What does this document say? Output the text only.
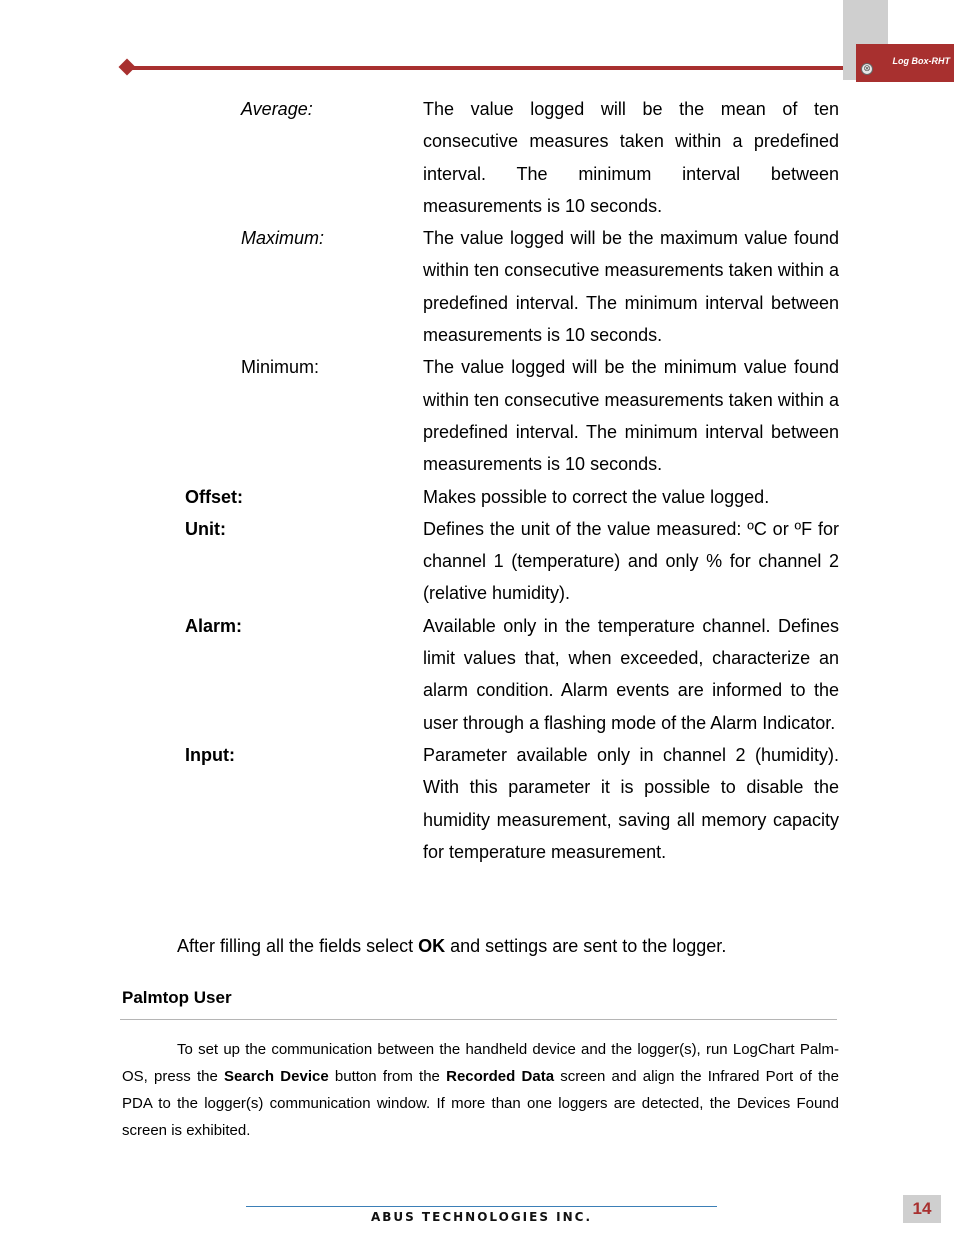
Log Box-RHT
⊗
Average:	The value logged will be the mean of ten consecutive measures taken within a predefined interval. The minimum interval between measurements is 10 seconds.
Maximum:	The value logged will be the maximum value found within ten consecutive measurements taken within a predefined interval. The minimum interval between measurements is 10 seconds.
Minimum:	The value logged will be the minimum value found within ten consecutive measurements taken within a predefined interval. The minimum interval between measurements is 10 seconds.
Offset:	Makes possible to correct the value logged.
Unit:	Defines the unit of the value measured: ºC or ºF for channel 1 (temperature) and only % for channel 2 (relative humidity).
Alarm:	Available only in the temperature channel. Defines limit values that, when exceeded, characterize an alarm condition. Alarm events are informed to the user through a flashing mode of the Alarm Indicator.
Input:	Parameter available only in channel 2 (humidity). With this parameter it is possible to disable the humidity measurement, saving all memory capacity for temperature measurement.
After filling all the fields select OK and settings are sent to the logger.
Palmtop User
To set up the communication between the handheld device and the logger(s), run LogChart Palm-OS, press the Search Device button from the Recorded Data screen and align the Infrared Port of the PDA to the logger(s) communication window. If more than one loggers are detected, the Devices Found screen is exhibited.
ABUS TECHNOLOGIES INC.	14
